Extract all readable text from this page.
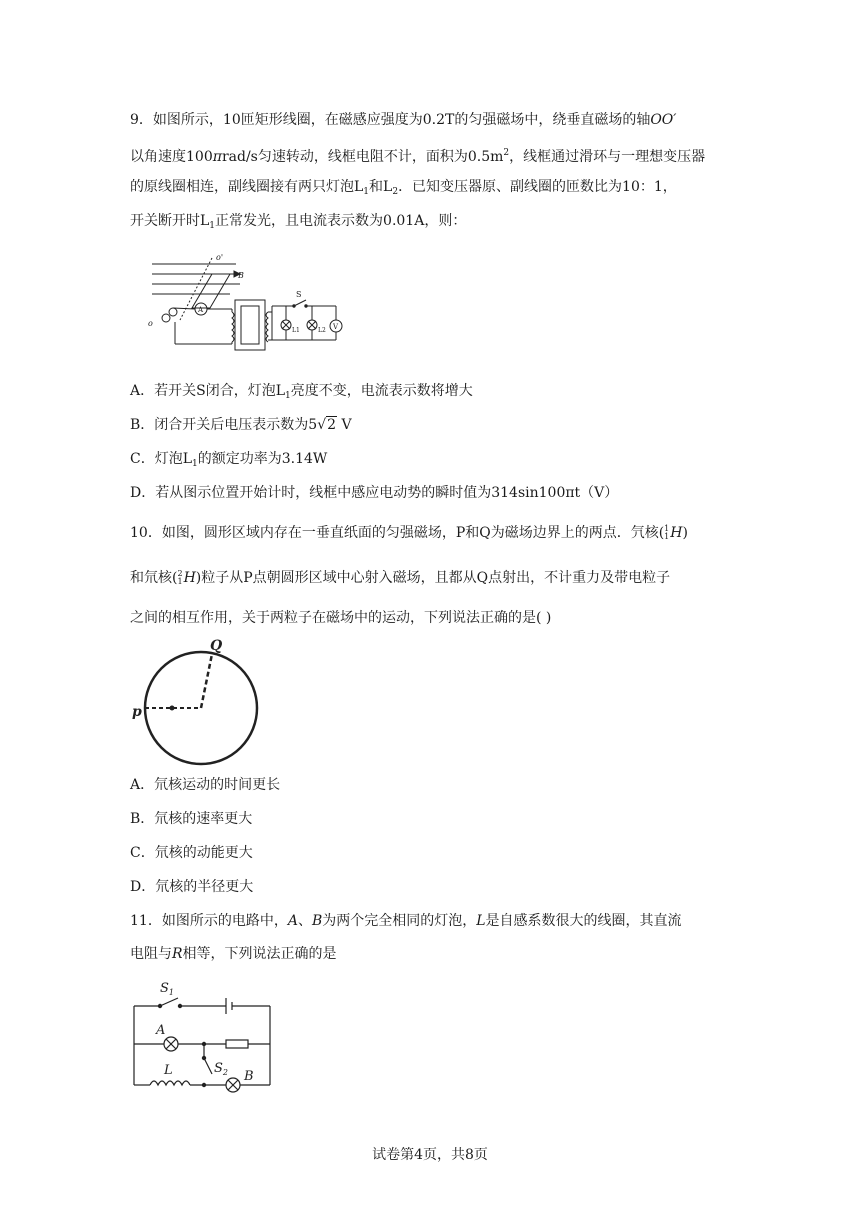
9．如图所示，10匝矩形线圈，在磁感应强度为0.2T的匀强磁场中，绕垂直磁场的轴OO′
以角速度100πrad/s匀速转动，线框电阻不计，面积为$0.5m^2$，线框通过滑环与一理想变压器
的原线圈相连，副线圈接有两只灯泡$L_1$和$L_2$．已知变压器原、副线圈的匝数比为10：1，
开关断开时$L_1$正常发光，且电流表示数为0.01A，则：
o'
B
o
A
S
L1	L2 V
A．若开关S闭合，灯泡$L_1$亮度不变，电流表示数将增大
B．闭合开关后电压表示数为5√2 V
C．灯泡$L_1$的额定功率为3.14W
D．若从图示位置开始计时，线框中感应电动势的瞬时值为314sin100πt（V）
10．如图，圆形区域内存在一垂直纸面的匀强磁场，P和Q为磁场边界上的两点．氕核( 1
1 H)
和氘核( 2
1 H)粒子从P点朝圆形区域中心射入磁场，且都从Q点射出，不计重力及带电粒子
之间的相互作用，关于两粒子在磁场中的运动，下列说法正确的是( )
Q
p
A．氘核运动的时间更长
B．氘核的速率更大
C．氘核的动能更大
D．氘核的半径更大
11．如图所示的电路中，A、B为两个完全相同的灯泡，L是自感系数很大的线圈，其直流
电阻与R相等，下列说法正确的是
$S_1$
A
$S_2$
L	B
试卷第4页，共8页
